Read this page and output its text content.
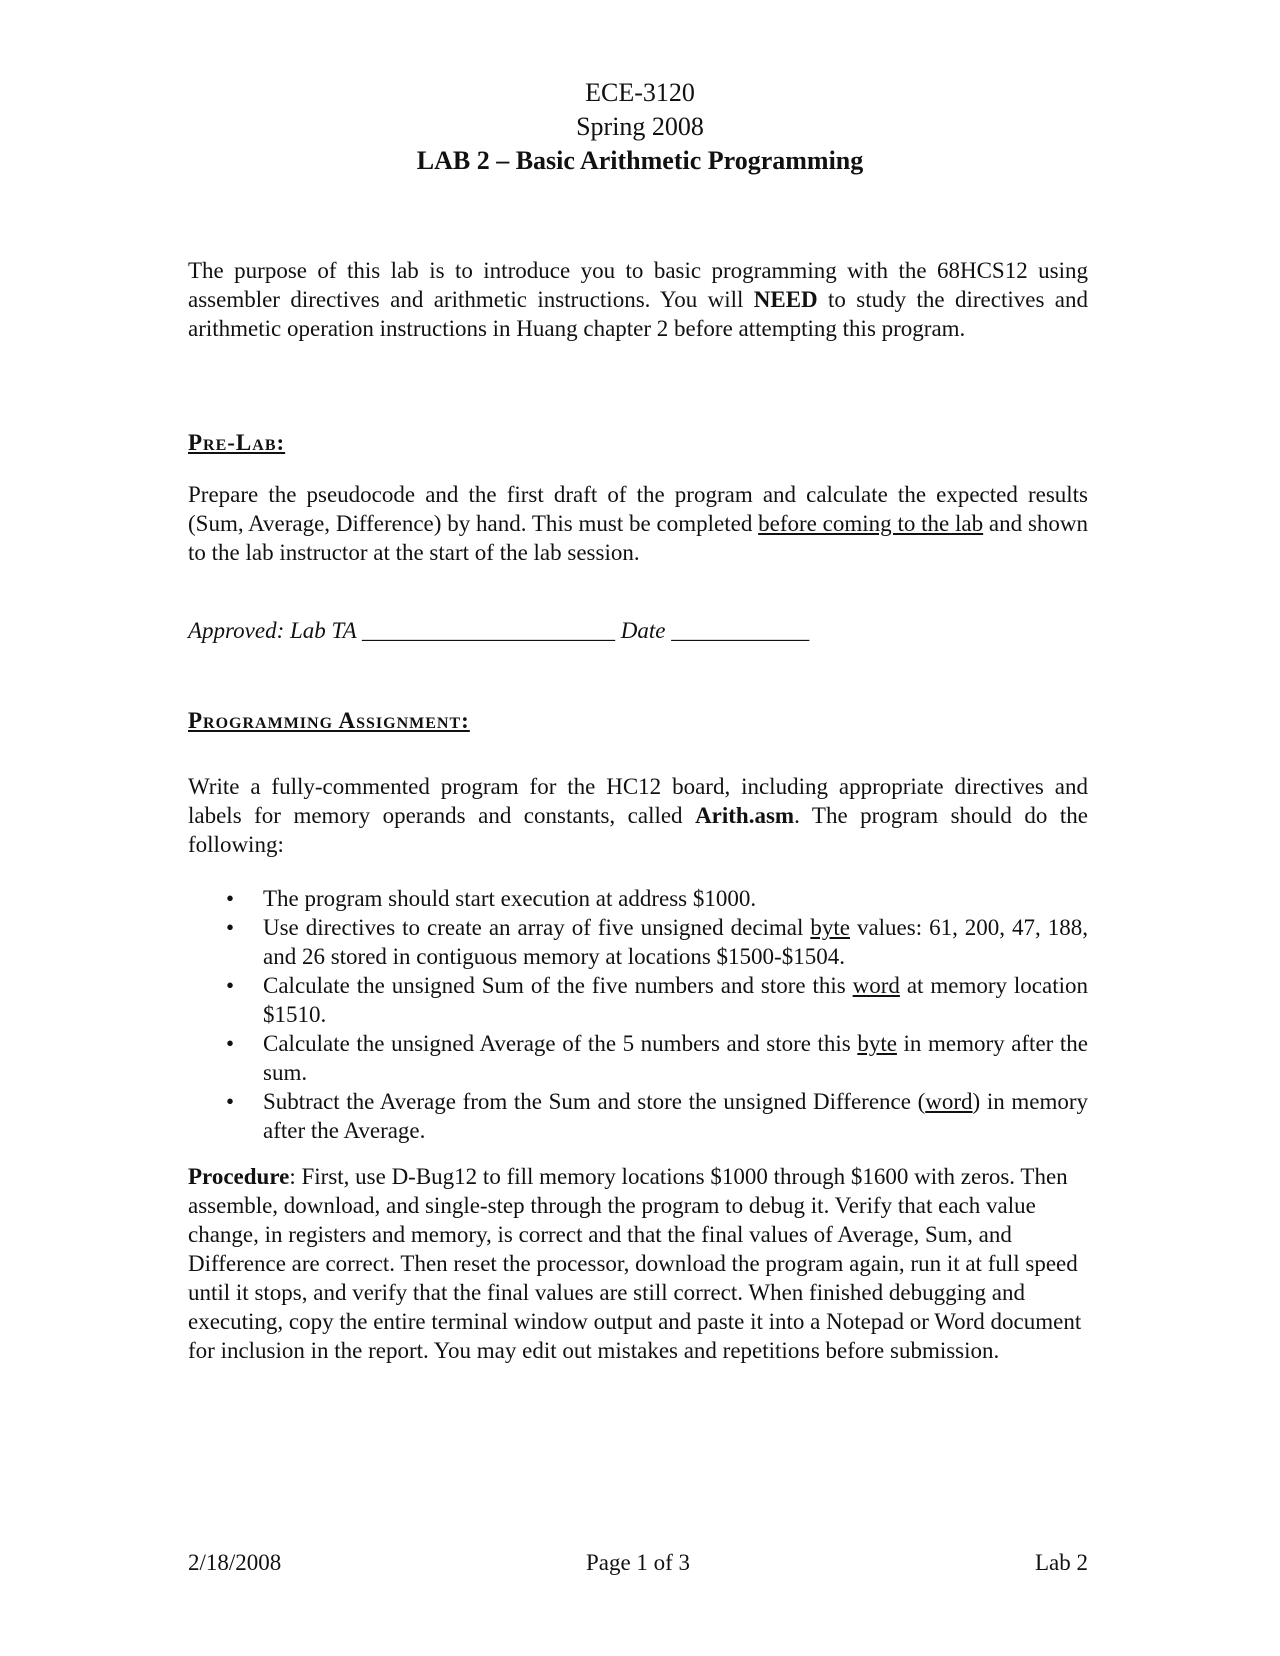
ECE-3120
Spring 2008
LAB 2 – Basic Arithmetic Programming

The purpose of this lab is to introduce you to basic programming with the 68HCS12 using assembler directives and arithmetic instructions. You will NEED to study the directives and arithmetic operation instructions in Huang chapter 2 before attempting this program.

Pre-Lab:

Prepare the pseudocode and the first draft of the program and calculate the expected results (Sum, Average, Difference) by hand. This must be completed before coming to the lab and shown to the lab instructor at the start of the lab session.

Approved: Lab TA ______________________ Date ____________

Programming Assignment:

Write a fully-commented program for the HC12 board, including appropriate directives and labels for memory operands and constants, called Arith.asm. The program should do the following:

• The program should start execution at address $1000.
• Use directives to create an array of five unsigned decimal byte values: 61, 200, 47, 188, and 26 stored in contiguous memory at locations $1500-$1504.
• Calculate the unsigned Sum of the five numbers and store this word at memory location $1510.
• Calculate the unsigned Average of the 5 numbers and store this byte in memory after the sum.
• Subtract the Average from the Sum and store the unsigned Difference (word) in memory after the Average.

Procedure: First, use D-Bug12 to fill memory locations $1000 through $1600 with zeros. Then assemble, download, and single-step through the program to debug it. Verify that each value change, in registers and memory, is correct and that the final values of Average, Sum, and Difference are correct. Then reset the processor, download the program again, run it at full speed until it stops, and verify that the final values are still correct. When finished debugging and executing, copy the entire terminal window output and paste it into a Notepad or Word document for inclusion in the report. You may edit out mistakes and repetitions before submission.

2/18/2008	Page 1 of 3	Lab 2
